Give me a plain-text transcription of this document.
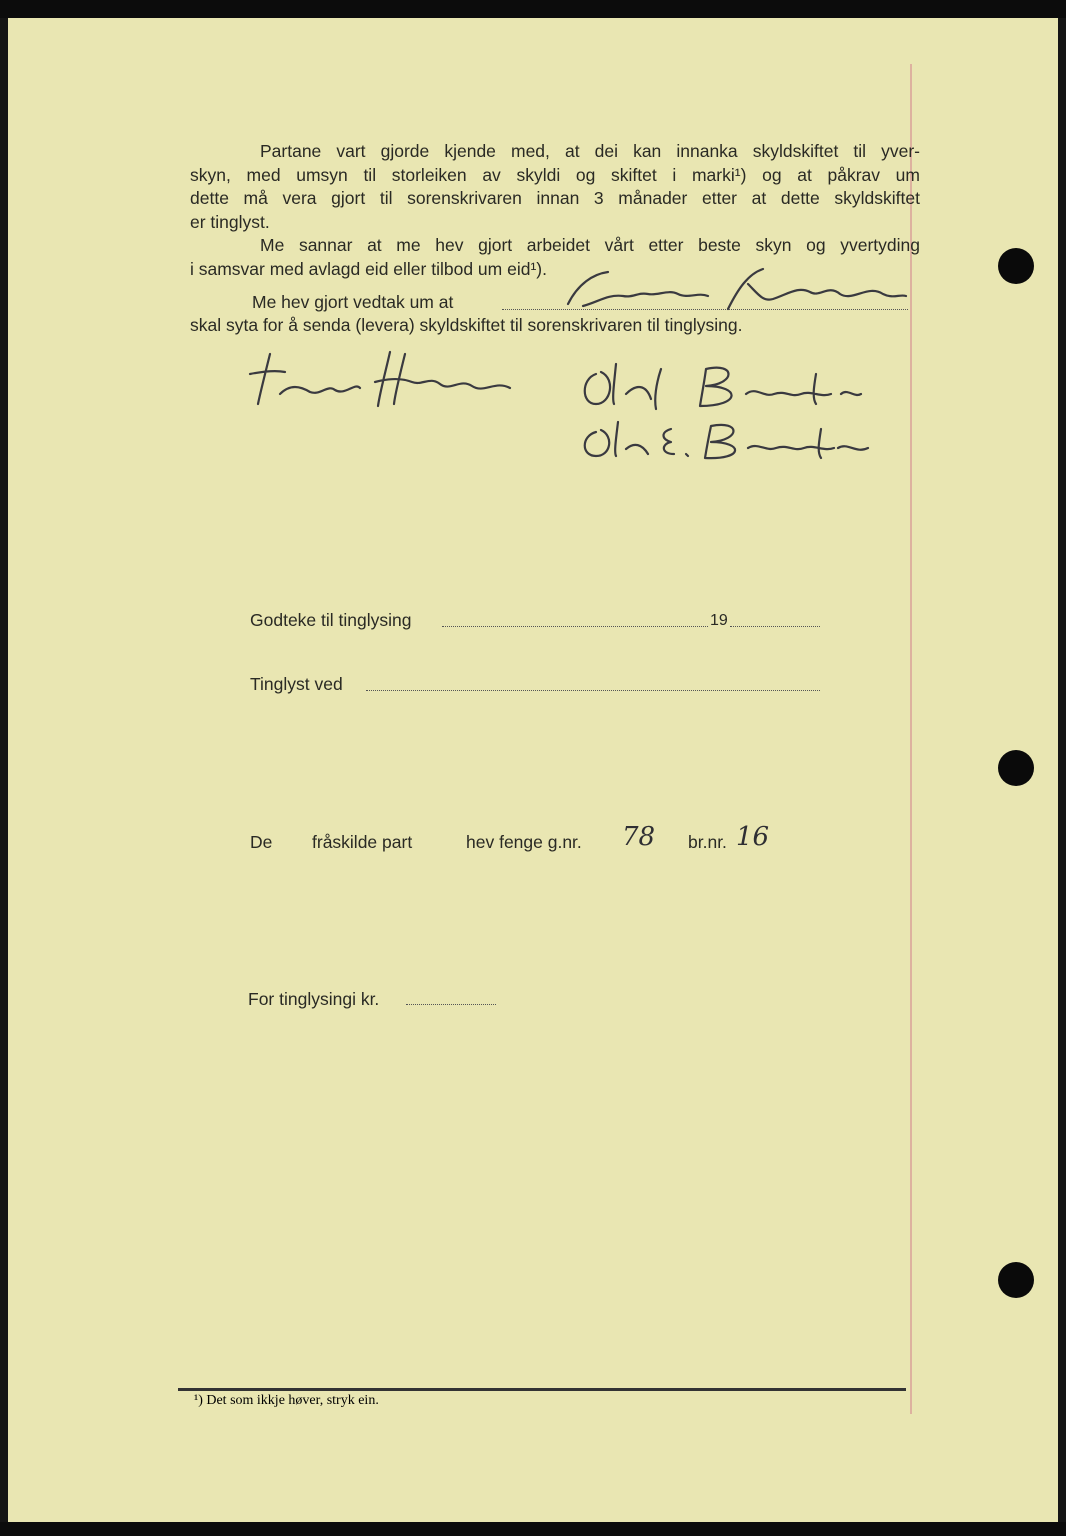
Partane vart gjorde kjende med, at dei kan innanka skyldskiftet til yver-
skyn, med umsyn til storleiken av skyldi og skiftet i marki¹) og at påkrav um
dette må vera gjort til sorenskrivaren innan 3 månader etter at dette skyldskiftet
er tinglyst.
Me sannar at me hev gjort arbeidet vårt etter beste skyn og yvertyding
i samsvar med avlagd eid eller tilbod um eid¹).
Me hev gjort vedtak um at
skal syta for å senda (levera) skyldskiftet til sorenskrivaren til tinglysing.
Godteke til tinglysing	19
Tinglyst ved
De fråskilde part	hev fenge g.nr. 78 br.nr. 16
For tinglysingi kr.
¹) Det som ikkje høver, stryk ein.
